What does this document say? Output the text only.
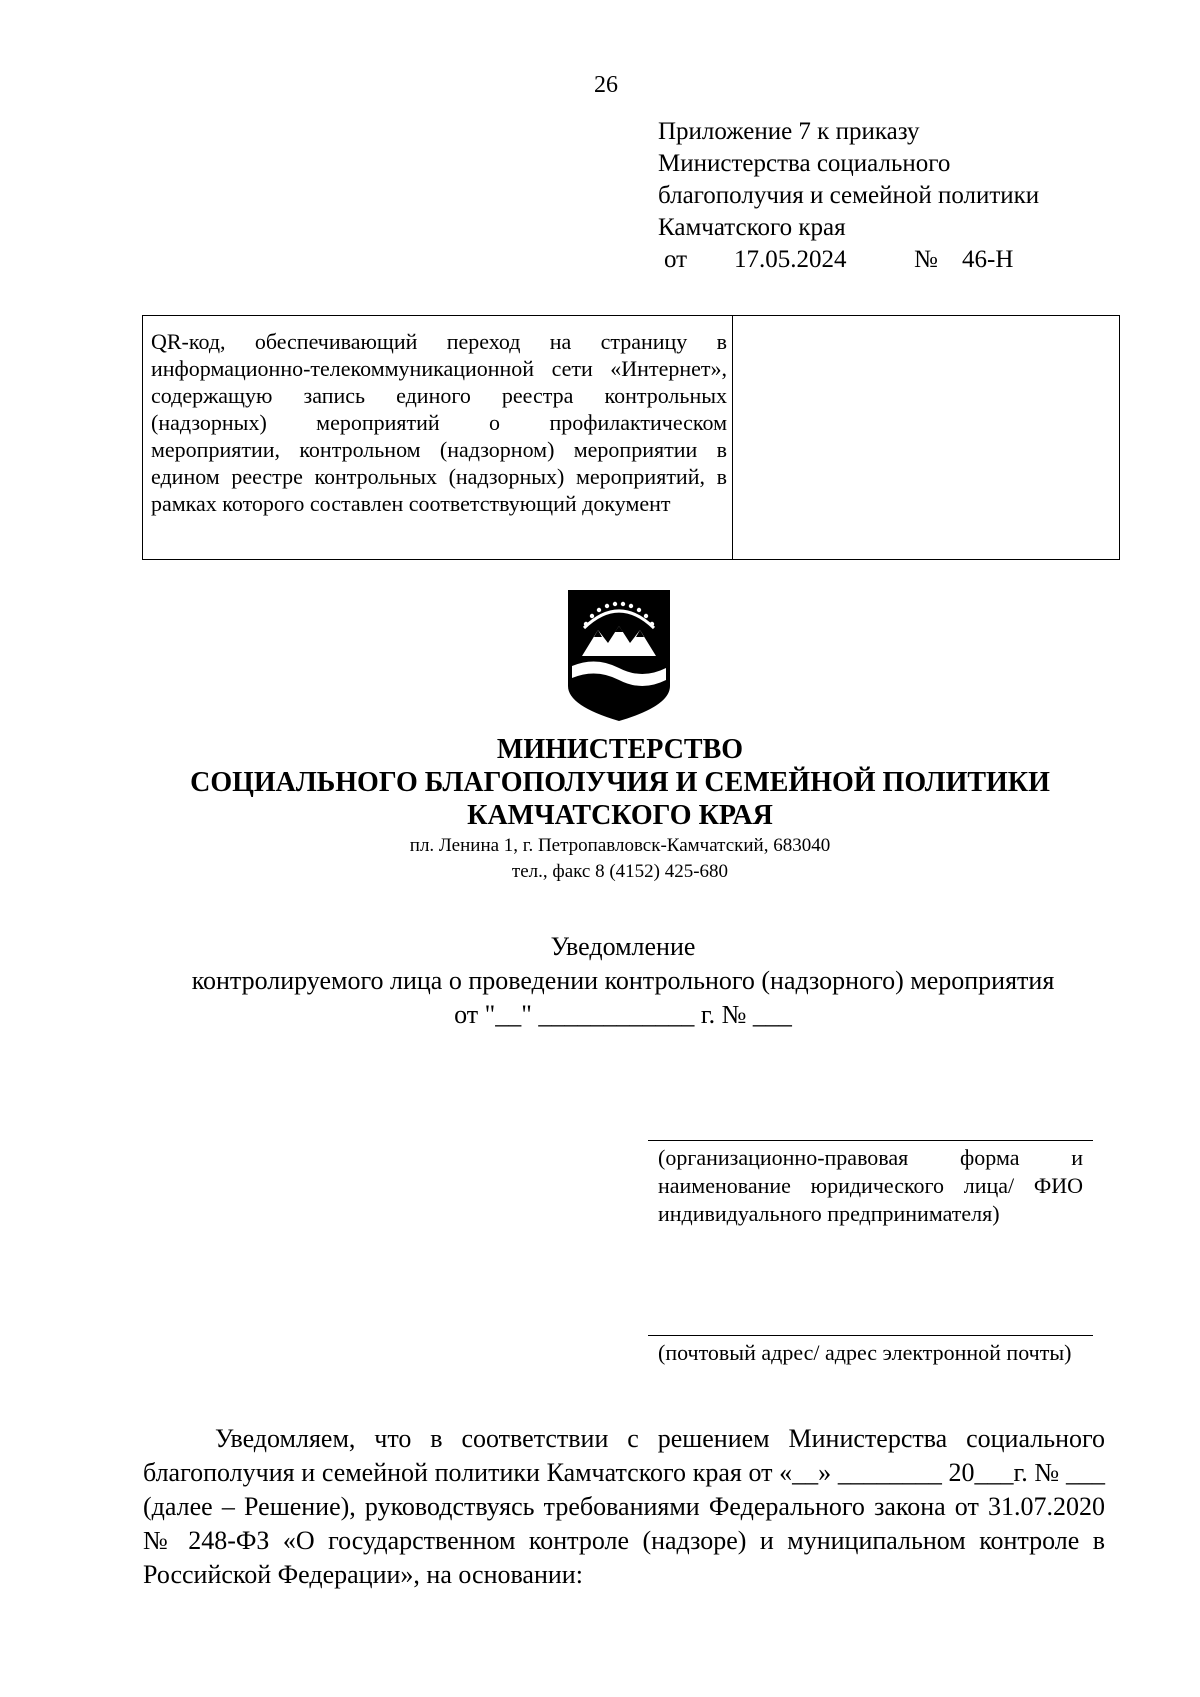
26
Приложение 7 к приказу
Министерства социального
благополучия и семейной политики
Камчатского края
от	17.05.2024	№ 46-Н
QR-код, обеспечивающий переход на страницу в информационно-телекоммуникационной сети «Интернет», содержащую запись единого реестра контрольных (надзорных) мероприятий о профилактическом мероприятии, контрольном (надзорном) мероприятии в едином реестре контрольных (надзорных) мероприятий, в рамках которого составлен соответствующий документ
МИНИСТЕРСТВО
СОЦИАЛЬНОГО БЛАГОПОЛУЧИЯ И СЕМЕЙНОЙ ПОЛИТИКИ
КАМЧАТСКОГО КРАЯ
пл. Ленина 1, г. Петропавловск-Камчатский, 683040
тел., факс 8 (4152) 425-680
Уведомление
контролируемого лица о проведении контрольного (надзорного) мероприятия
от "__" ____________ г. № ___
(организационно-правовая форма и наименование юридического лица/ ФИО индивидуального предпринимателя)
(почтовый адрес/ адрес электронной почты)
Уведомляем, что в соответствии с решением Министерства социального благополучия и семейной политики Камчатского края от «__» ________ 20___г. № ___ (далее – Решение), руководствуясь требованиями Федерального закона от 31.07.2020 № 248-ФЗ «О государственном контроле (надзоре) и муниципальном контроле в Российской Федерации», на основании:
